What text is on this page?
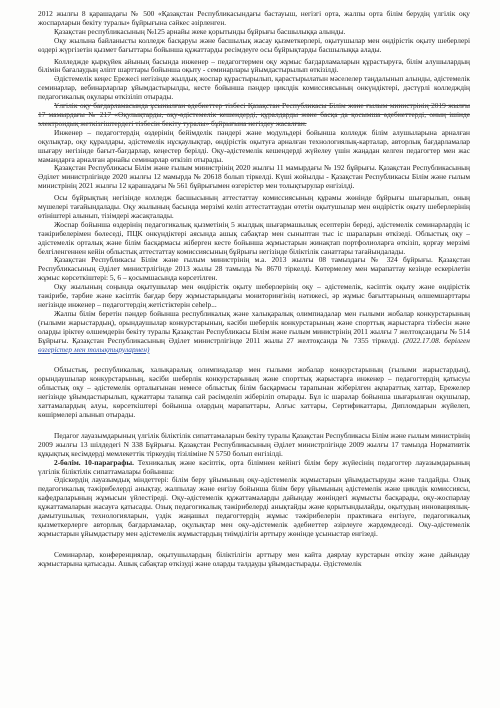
2012 жылғы 8 қарашадағы № 500 «Қазақстан Республикасындағы бастауыш, негізгі орта, жалпы орта білім берудің үлгілік оқу жоспарларын бекіту туралы» бұйрығына сәйкес әзірленген.

Қазақстан республикасының №125 арнайы жеке қорытынды бұйрығы басшылыққа алынды.

Оқу жылына байланысты колледж басқаруы және басшылық жасау қызметкерлері, оқытушылар мен өндірістік оқыту шеберлері өздері жүргізетін қызмет бағыттары бойынша құжаттарды ресімдеуге осы бұйрықтарды басшылыққа алады.

Колледжде қырқүйек айының басында инженер – педагогтермен оқу жұмыс бағдарламаларын құрастыруға, білім алушылардың білімін бағалаудың әліпт шарттары бойынша оқыту - семинарлары ұйымдастырылып өткізілді.

Әдістемелік кеңес Ережесі негізінде жылдық жоспар құрастырылып, қарастырылатын мәселелер таңдалынып алынды, әдістемелік семинарлар, вебинарларлар ұйымдастырылды, кесте бойынша пәндер циклдік комиссиясының онкүндіктері, дәстүрлі колледждің педагогикалық оқулары өткізіліп отырады.

Үлгілік оқу бағдарламасында ұсынылған әдебиеттер тізбесі Қазақстан Республикасы Білім және ғылым министрінің 2019 жылғы 17 мамырдағы № 217 «Оқулықтарды, оқу-әдістемелік кешендерді, құралдарды және басқа да қосымша әдебиеттерді, оның ішінде электрондық жеткізгіштердегі тізбесін бекіту туралы» бұйрығына негіздеу жасалған.

Инженер – педагогтердің өздерінің бейімделік пәндері және модульдері бойынша колледж білім алушыларына арналған оқулықтар, оқу құралдары, әдістемелік нұсқаулықтар, өндірістік оқытуға арналған технологиялық-карталар, авторлық бағдарламалар шығару негізінде бағыт-бағдарлар, кеңестер берілді. Оқу-әдістемелік кешендерді жүйелеу үшін жаңадан келген педагогтер мен жас мамандарға арналған арнайы семинарлар өткізіп отырады.

Қазақстан Республикасы Білім және ғылым министрінің 2020 жылғы 11 мамырдағы № 192 бұйрығы. Қазақстан Республикасының Әділет министрлігінде 2020 жылғы 12 мамырда № 20618 болып тіркелді. Күші жойылды - Қазақстан Республикасы Білім және ғылым министрінің 2021 жылғы 12 қарашадағы № 561 бұйрығымен өзгерістер мен толықтырулар енгізілді.

Осы бұйрықтың негізінде колледж басшысының аттестаттау комиссиясының құрамы жөнінде бұйрығы шығарылып, оның мүшелері тағайындалады. Оқу жылының басында мерзімі келіп аттестаттаудан өтетін оқытушылар мен өндірістік оқыту шеберлерінің өтініштері алынып, тізімдері жасақталады.

Жоспар бойынша өздерінің педагогикалық қызметінің 5 жылдық шығармашылық есептерін береді, әдістемелік семинарлардің іс тәжірибелерімен бөлеседі, ПЦК онкүндіктері аясында ашық сабақтар мен сыныптан тыс іс шараларын өткізеді. Облыстық оқу – әдістемелік орталық және білім басқармасы жіберген кесте бойынша жұмыстарын жинақтап портфолиоларға өткізіп, қорғау мерзімі белгіленгеннен кейін облыстық аттестаттау комиссиясының бұйрығы негізінде біліктілік санаттары тағайындалады.

Қазақстан Республикасы Білім және ғылым министрінің м.а. 2013 жылғы 08 тамыздағы № 324 бұйрығы. Қазақстан Республикасының Әділет министрлігінде 2013 жылы 28 тамызда № 8670 тіркелді. Көтермелеу мен марапаттау кезінде ескерілетін жұмыс көрсеткіштері: 5, 6 – қосымшасында көрсетілген.

Оқу жылының соңында оқытушылар мен өндірістік оқыту шеберлерінің оқу – әдістемелік, кәсіптік оқыту және өндірістік тәжірибе, тәрбие және кәсіптік бағдар беру жұмыстарындағы мониторингінің нәтижесі, әр жұмыс бағыттарының өлшемшарттары негізінде инженер – педагогтердің жетістіктерін сеhelp...

Жалпы білім беретін пәндер бойынша республикалық және халықаралық олимпиадалар мен ғылыми жобалар конкурстарының (ғылыми жарыстардың), орындаушылар конкурстарының, кәсіби шеберлік конкурстарының және спорттық жарыстарға тізбесін және оларды іріктеу өлшемдерін бекіту туралы Қазақстан Республикасы Білім және ғылым министрінің 2011 жылғы 7 желтоқсандағы № 514 Бұйрығы. Қазақстан Республикасының Әділет министрлігінде 2011 жылы 27 желтоқсанда № 7355 тіркелді. (2022.17.08. берілген өзгерістер мен толықтырулармен)

Облыстық, республикалық, халықаралық олимпиадалар мен ғылыми жобалар конкурстарының (ғылыми жарыстардың), орындаушылар конкурстарының, кәсіби шеберлік конкурстарының және спорттық жарыстарға инженер – педагогтердің қатысуы облыстық оқу – әдістемелік орталығынан немесе облыстық білім басқармасы тарапынан жіберілген ақпараттық хаттар, Ережелер негізінде ұйымдастырылып, құжаттары талапқа сай рәсімделіп жіберіліп отырады. Бұл іс шаралар бойынша шығарылған оқушылар, хаттамалардың алуы, көрсеткіштері бойынша олардың марапаттары, Алғыс хаттары, Сертификаттары, Дипломдарын жүйелеп, көшірмелері алынып отырады.

Педагог лауазымдарының үлгілік біліктілік сипаттамаларын бекіту туралы Қазақстан Республикасы Білім және ғылым министрінің 2009 жылғы 13 шілдедегі N 338 Бұйрығы. Қазақстан Республикасының Әділет министрлігінде 2009 жылғы 17 тамызда Нормативтік құқықтық кесімдерді мемлекеттік тіркеудің тізіліміне N 5750 болып енгізілді.

2-бөлім. 10-параграфы. Техникалық және кәсіптік, орта білімнен кейінгі білім беру жүйесінің педагогтер лауазымдарының үлгілік біліктілік сипаттамалары бойынша:

Әдіскердің лауазымдық міндеттері: білім беру ұйымының оқу-әдістемелік жұмыстарын ұйымдастыруды және талдайды. Озық педагогикалық тәжірибелерді анықтау, жалпылау және енгізу бойынша білім беру ұйымының әдістемелік және циклдік комиссиясы, кафедраларының жұмысын үйлестіреді. Оқу-әдістемелік құжаттамаларды дайындау жөніндегі жұмысты басқарады, оқу-жоспарлау құжаттамаларын жасауға қатысады. Озық педагогикалық тәжірибелерді анықтайды және қорытындылайды, оқытудың инновациялық-дамытушылық технологияларын, үздік жаңашыл педагогтердің жұмыс тәжірибелерін практикаға енгізуге, педагогикалық қызметкерлерге авторлық бағдарламалар, оқулықтар мен оқу-әдістемелік әдебиеттер әзірлеуге жәрдемдеседі. Оқу-әдістемелік жұмыстарын ұйымдастыру мен әдістемелік жұмыстардың тиімділігін арттыру жөнінде ұсыныстар енгізеді.

Семинарлар, конференциялар, оқытушылардың біліктілігін арттыру мен кайта даярлау курстарын өткізу және дайындау жұмыстарына қатысады. Ашық сабақтар өткізуді және оларды талдауды ұйымдастырады. Әдістемелік
